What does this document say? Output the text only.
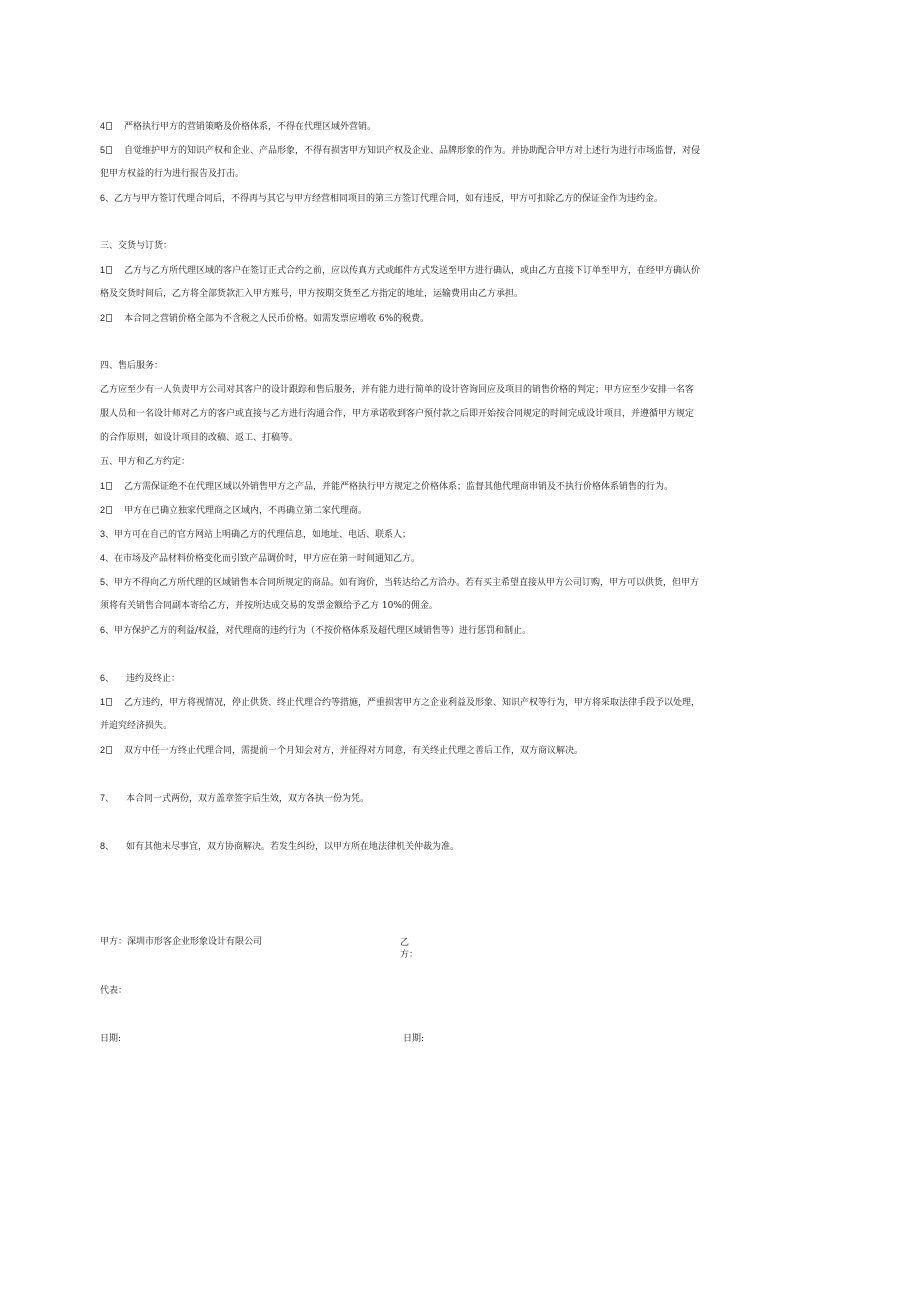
4 严格执行甲方的营销策略及价格体系，不得在代理区域外营销。
5 自觉维护甲方的知识产权和企业、产品形象，不得有损害甲方知识产权及企业、品牌形象的作为。并协助配合甲方对上述行为进行市场监督，对侵
犯甲方权益的行为进行报告及打击。
6、乙方与甲方签订代理合同后，不得再与其它与甲方经营相同项目的第三方签订代理合同，如有违反，甲方可扣除乙方的保证金作为违约金。
三、交货与订货：
1 乙方与乙方所代理区域的客户在签订正式合约之前，应以传真方式或邮件方式发送至甲方进行确认，或由乙方直接下订单至甲方，在经甲方确认价
格及交货时间后，乙方将全部货款汇入甲方账号，甲方按期交货至乙方指定的地址，运输费用由乙方承担。
2 本合同之营销价格全部为不含税之人民币价格。如需发票应增收 6%的税费。
四、售后服务：
乙方应至少有一人负责甲方公司对其客户的设计跟踪和售后服务，并有能力进行简单的设计咨询回应及项目的销售价格的判定；甲方应至少安排一名客
服人员和一名设计师对乙方的客户或直接与乙方进行沟通合作，甲方承诺收到客户预付款之后即开始按合同规定的时间完成设计项目，并遵循甲方规定
的合作原则，如设计项目的改稿、返工、打稿等。
五、甲方和乙方约定：
1 乙方需保证绝不在代理区域以外销售甲方之产品，并能严格执行甲方规定之价格体系；监督其他代理商串销及不执行价格体系销售的行为。
2 甲方在已确立独家代理商之区域内，不再确立第二家代理商。
3、甲方可在自己的官方网站上明确乙方的代理信息，如地址、电话、联系人；
4、在市场及产品材料价格变化而引致产品调价时，甲方应在第一时间通知乙方。
5、甲方不得向乙方所代理的区域销售本合同所规定的商品。如有询价，当转达给乙方洽办。若有买主希望直接从甲方公司订购，甲方可以供货，但甲方
须将有关销售合同副本寄给乙方，并按所达成交易的发票金额给予乙方 10%的佣金。
6、甲方保护乙方的利益/权益，对代理商的违约行为（不按价格体系及超代理区域销售等）进行惩罚和制止。
6、 违约及终止：
1 乙方违约，甲方将视情况，停止供货、终止代理合约等措施，严重损害甲方之企业利益及形象、知识产权等行为，甲方将采取法律手段予以处理，
并追究经济损失。
2 双方中任一方终止代理合同，需提前一个月知会对方，并征得对方同意，有关终止代理之善后工作，双方商议解决。
7、 本合同一式两份，双方盖章签字后生效，双方各执一份为凭。
8、 如有其他未尽事宜，双方协商解决。若发生纠纷，以甲方所在地法律机关仲裁为准。
甲方：深圳市形客企业形象设计有限公司	乙方：
代表：
日期:	日期:
